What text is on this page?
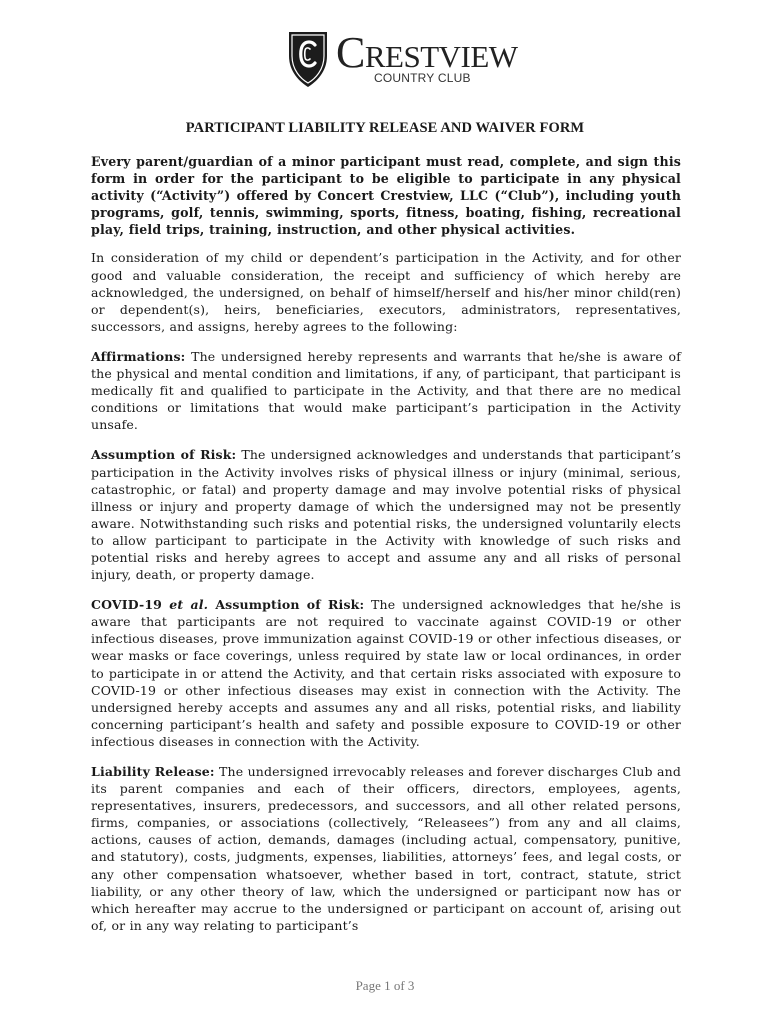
CRESTVIEW
COUNTRY CLUB
PARTICIPANT LIABILITY RELEASE AND WAIVER FORM

Every parent/guardian of a minor participant must read, complete, and sign this form in order for the participant to be eligible to participate in any physical activity (“Activity”) offered by Concert Crestview, LLC (“Club”), including youth programs, golf, tennis, swimming, sports, fitness, boating, fishing, recreational play, field trips, training, instruction, and other physical activities.

In consideration of my child or dependent’s participation in the Activity, and for other good and valuable consideration, the receipt and sufficiency of which hereby are acknowledged, the undersigned, on behalf of himself/herself and his/her minor child(ren) or dependent(s), heirs, beneficiaries, executors, administrators, representatives, successors, and assigns, hereby agrees to the following:

Affirmations: The undersigned hereby represents and warrants that he/she is aware of the physical and mental condition and limitations, if any, of participant, that participant is medically fit and qualified to participate in the Activity, and that there are no medical conditions or limitations that would make participant’s participation in the Activity unsafe.

Assumption of Risk: The undersigned acknowledges and understands that participant’s participation in the Activity involves risks of physical illness or injury (minimal, serious, catastrophic, or fatal) and property damage and may involve potential risks of physical illness or injury and property damage of which the undersigned may not be presently aware. Notwithstanding such risks and potential risks, the undersigned voluntarily elects to allow participant to participate in the Activity with knowledge of such risks and potential risks and hereby agrees to accept and assume any and all risks of personal injury, death, or property damage.

COVID-19 et al. Assumption of Risk: The undersigned acknowledges that he/she is aware that participants are not required to vaccinate against COVID-19 or other infectious diseases, prove immunization against COVID-19 or other infectious diseases, or wear masks or face coverings, unless required by state law or local ordinances, in order to participate in or attend the Activity, and that certain risks associated with exposure to COVID-19 or other infectious diseases may exist in connection with the Activity. The undersigned hereby accepts and assumes any and all risks, potential risks, and liability concerning participant’s health and safety and possible exposure to COVID-19 or other infectious diseases in connection with the Activity.

Liability Release: The undersigned irrevocably releases and forever discharges Club and its parent companies and each of their officers, directors, employees, agents, representatives, insurers, predecessors, and successors, and all other related persons, firms, companies, or associations (collectively, “Releasees”) from any and all claims, actions, causes of action, demands, damages (including actual, compensatory, punitive, and statutory), costs, judgments, expenses, liabilities, attorneys’ fees, and legal costs, or any other compensation whatsoever, whether based in tort, contract, statute, strict liability, or any other theory of law, which the undersigned or participant now has or which hereafter may accrue to the undersigned or participant on account of, arising out of, or in any way relating to participant’s

Page 1 of 3
